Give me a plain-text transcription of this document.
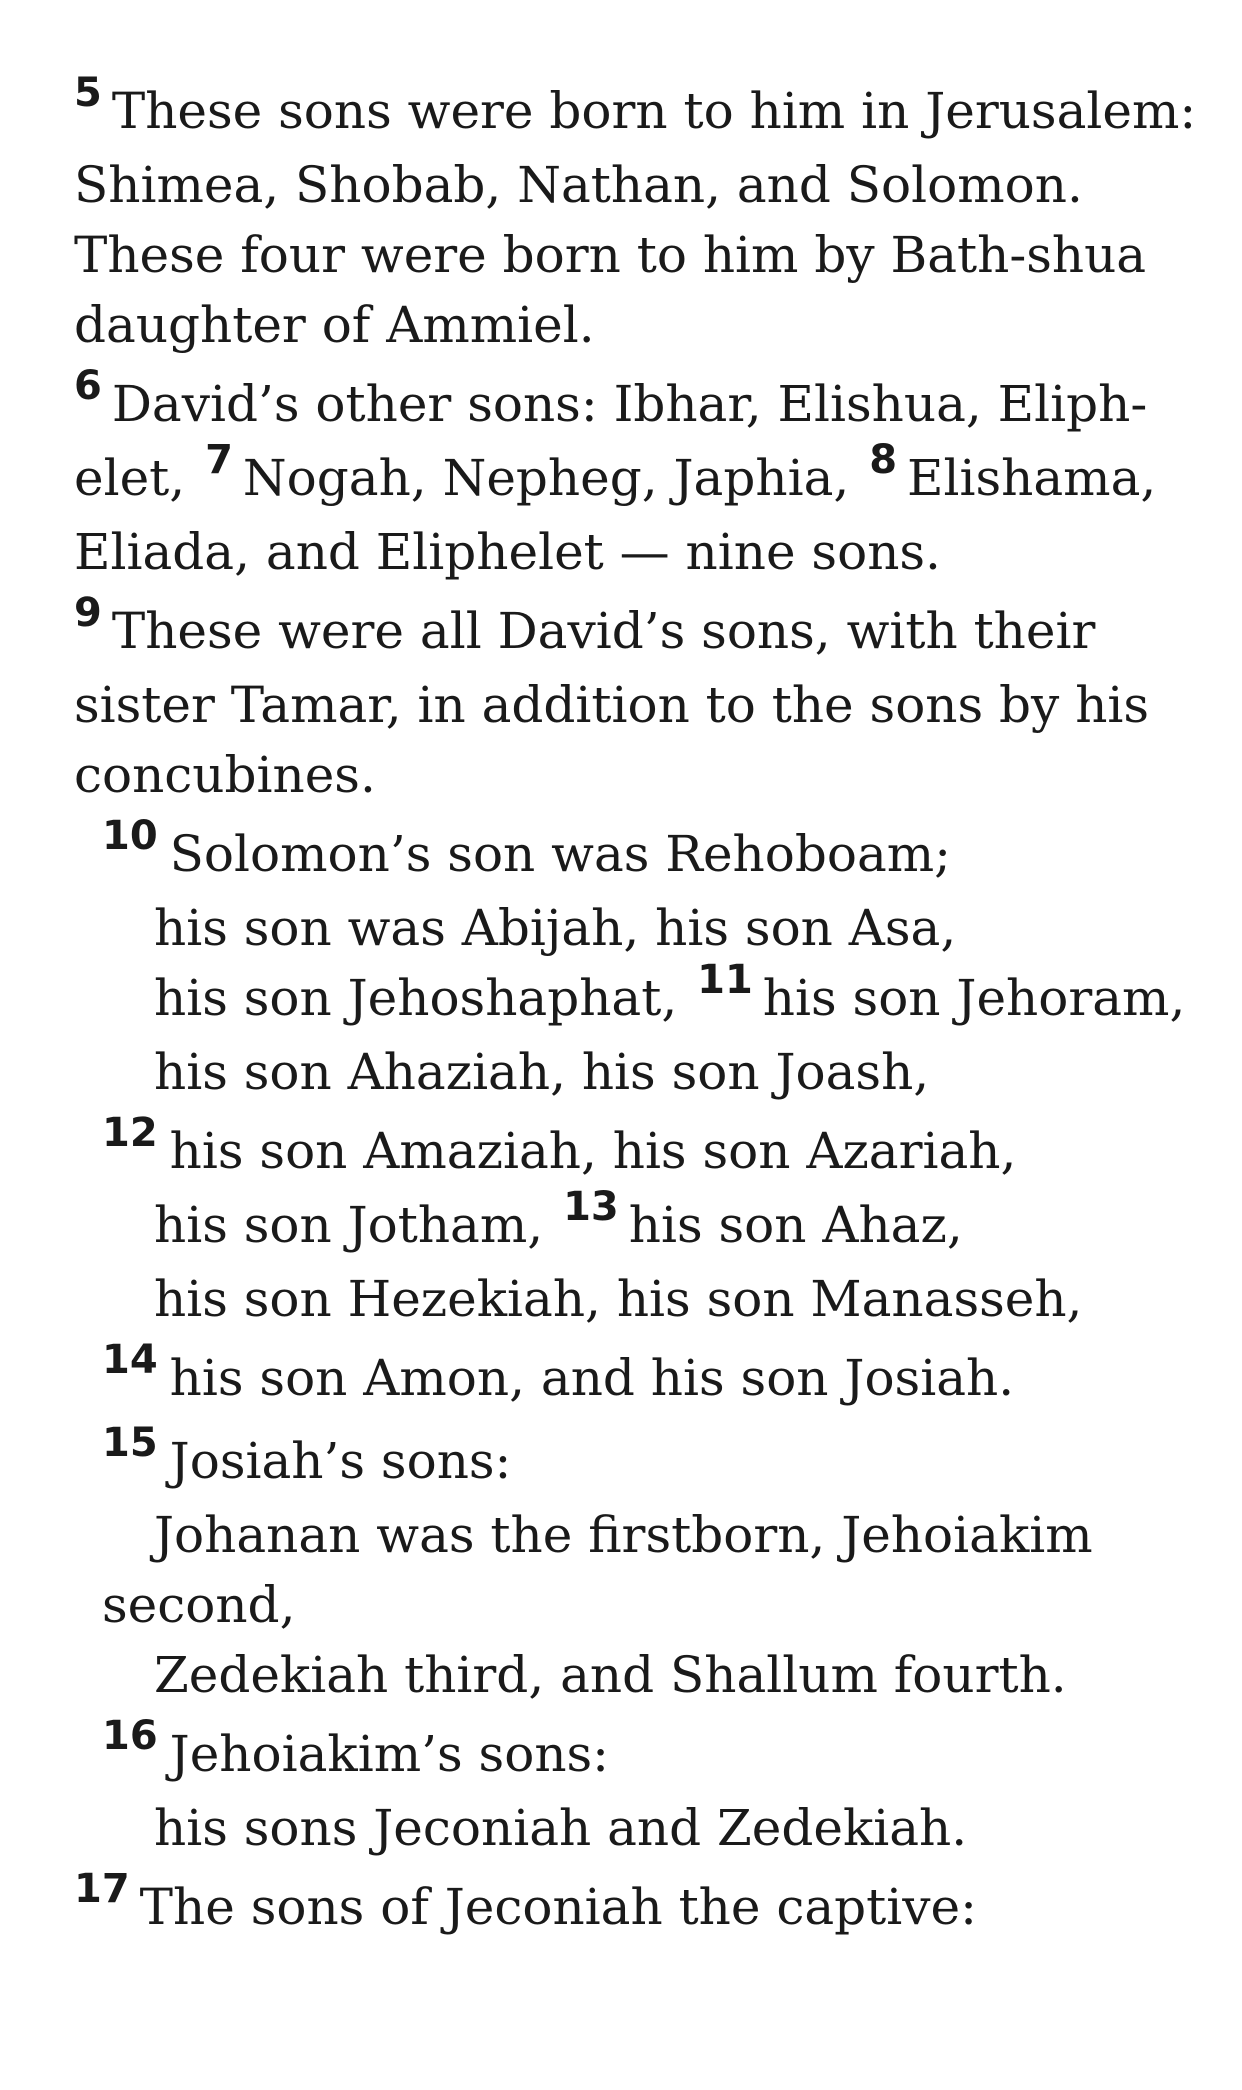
$^5$ These sons were born to him in Jerusalem:
Shimea, Shobab, Nathan, and Solomon.
These four were born to him by Bath-shua
daughter of Ammiel.
$^6$ David’s other sons: Ibhar, Elishua, Eliph-
elet, $^7$ Nogah, Nepheg, Japhia, $^8$ Elishama,
Eliada, and Eliphelet — nine sons.
$^9$ These were all David’s sons, with their
sister Tamar, in addition to the sons by his
concubines.
$^{10}$ Solomon’s son was Rehoboam;
his son was Abijah, his son Asa,
his son Jehoshaphat, $^{11}$ his son Jehoram,
his son Ahaziah, his son Joash,
$^{12}$ his son Amaziah, his son Azariah,
his son Jotham, $^{13}$ his son Ahaz,
his son Hezekiah, his son Manasseh,
$^{14}$ his son Amon, and his son Josiah.
$^{15}$ Josiah’s sons:
Johanan was the firstborn, Jehoiakim
second,
Zedekiah third, and Shallum fourth.
$^{16}$ Jehoiakim’s sons:
his sons Jeconiah and Zedekiah.
$^{17}$ The sons of Jeconiah the captive:
